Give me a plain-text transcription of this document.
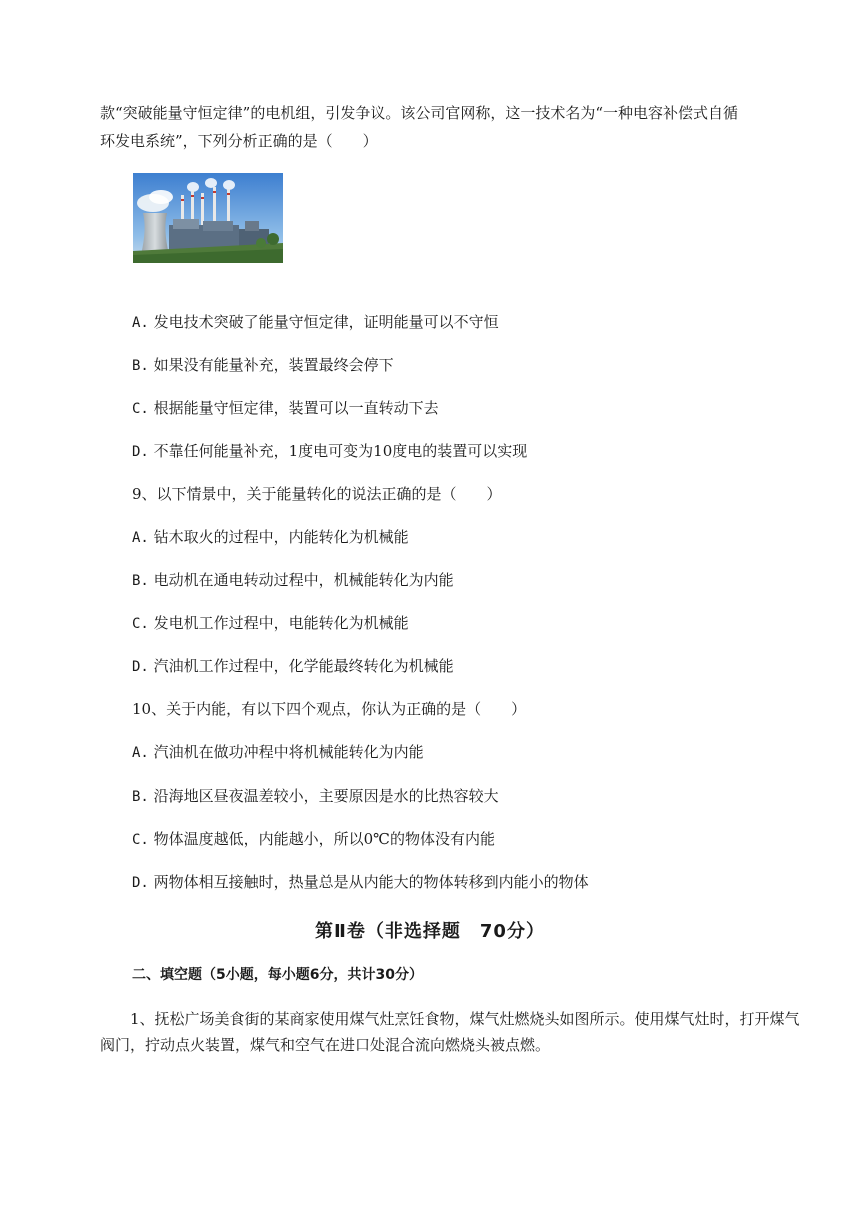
款“突破能量守恒定律”的电机组，引发争议。该公司官网称，这一技术名为“一种电容补偿式自循
环发电系统”，下列分析正确的是（　　）
A. 发电技术突破了能量守恒定律，证明能量可以不守恒
B. 如果没有能量补充，装置最终会停下
C. 根据能量守恒定律，装置可以一直转动下去
D. 不靠任何能量补充，1度电可变为10度电的装置可以实现
9、以下情景中，关于能量转化的说法正确的是（　　）
A. 钻木取火的过程中，内能转化为机械能
B. 电动机在通电转动过程中，机械能转化为内能
C. 发电机工作过程中，电能转化为机械能
D. 汽油机工作过程中，化学能最终转化为机械能
10、关于内能，有以下四个观点，你认为正确的是（　　）
A. 汽油机在做功冲程中将机械能转化为内能
B. 沿海地区昼夜温差较小，主要原因是水的比热容较大
C. 物体温度越低，内能越小，所以0℃的物体没有内能
D. 两物体相互接触时，热量总是从内能大的物体转移到内能小的物体
第Ⅱ卷（非选择题　70分）
二、填空题（5小题，每小题6分，共计30分）
1、抚松广场美食街的某商家使用煤气灶烹饪食物，煤气灶燃烧头如图所示。使用煤气灶时，打开煤气阀门，拧动点火装置，煤气和空气在进口处混合流向燃烧头被点燃。
